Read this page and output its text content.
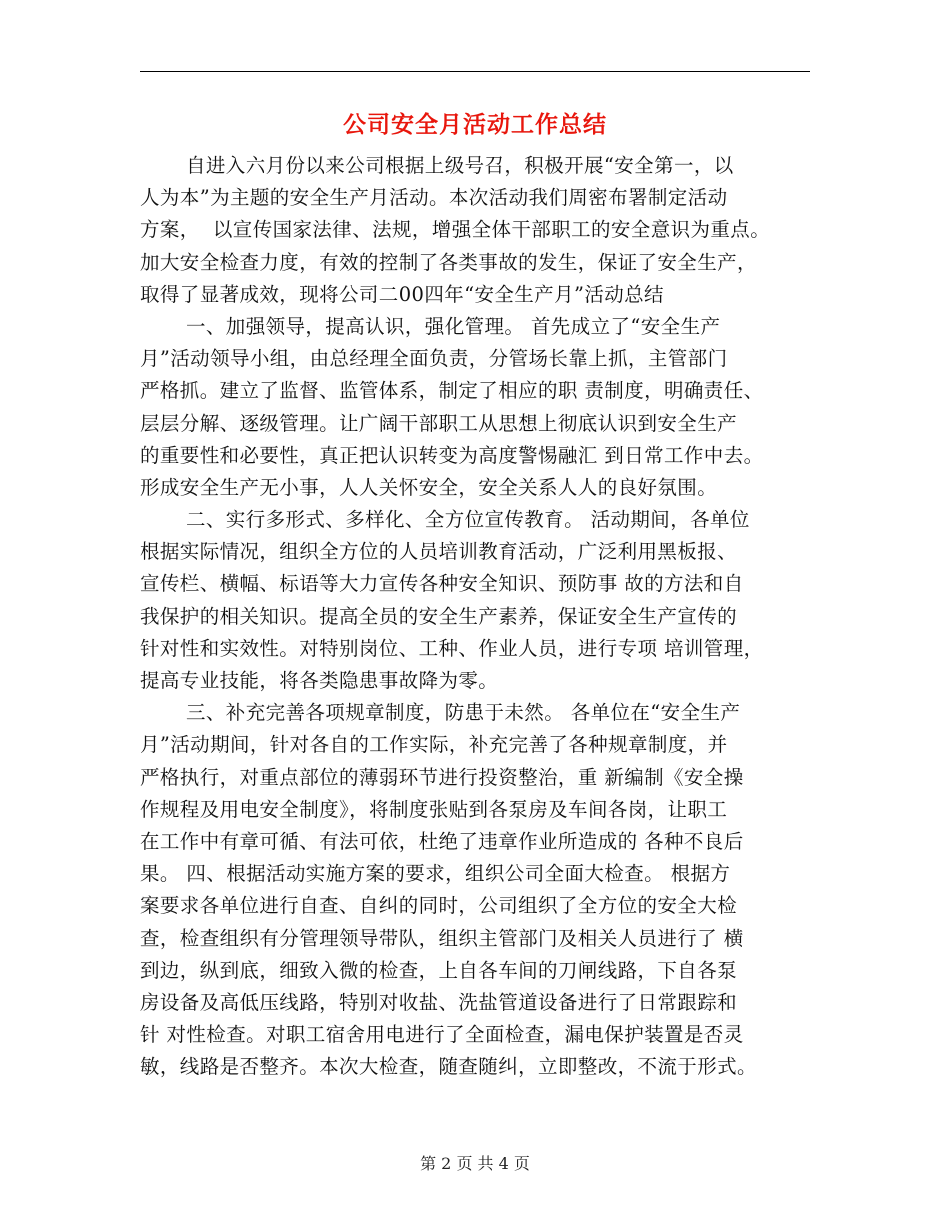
公司安全月活动工作总结
自进入六月份以来公司根据上级号召，积极开展“安全第一，以
人为本”为主题的安全生产月活动。本次活动我们周密布署制定活动
方案，  以宣传国家法律、法规，增强全体干部职工的安全意识为重点。
加大安全检查力度，有效的控制了各类事故的发生，保证了安全生产，
取得了显著成效，现将公司二00四年“安全生产月”活动总结
一、加强领导，提高认识，强化管理。 首先成立了“安全生产
月”活动领导小组，由总经理全面负责，分管场长靠上抓，主管部门
严格抓。建立了监督、监管体系，制定了相应的职 责制度，明确责任、
层层分解、逐级管理。让广阔干部职工从思想上彻底认识到安全生产
的重要性和必要性，真正把认识转变为高度警惕融汇 到日常工作中去。
形成安全生产无小事，人人关怀安全，安全关系人人的良好氛围。
二、实行多形式、多样化、全方位宣传教育。 活动期间，各单位
根据实际情况，组织全方位的人员培训教育活动，广泛利用黑板报、
宣传栏、横幅、标语等大力宣传各种安全知识、预防事 故的方法和自
我保护的相关知识。提高全员的安全生产素养，保证安全生产宣传的
针对性和实效性。对特别岗位、工种、作业人员，进行专项 培训管理，
提高专业技能，将各类隐患事故降为零。
三、补充完善各项规章制度，防患于未然。 各单位在“安全生产
月”活动期间，针对各自的工作实际，补充完善了各种规章制度，并
严格执行，对重点部位的薄弱环节进行投资整治，重 新编制《安全操
作规程及用电安全制度》，将制度张贴到各泵房及车间各岗，让职工
在工作中有章可循、有法可依，杜绝了违章作业所造成的 各种不良后
果。 四、根据活动实施方案的要求，组织公司全面大检查。 根据方
案要求各单位进行自查、自纠的同时，公司组织了全方位的安全大检
查，检查组织有分管理领导带队，组织主管部门及相关人员进行了 横
到边，纵到底，细致入微的检查，上自各车间的刀闸线路，下自各泵
房设备及高低压线路，特别对收盐、洗盐管道设备进行了日常跟踪和
针 对性检查。对职工宿舍用电进行了全面检查，漏电保护装置是否灵
敏，线路是否整齐。本次大检查，随查随纠，立即整改，不流于形式。
第 2 页 共 4 页
